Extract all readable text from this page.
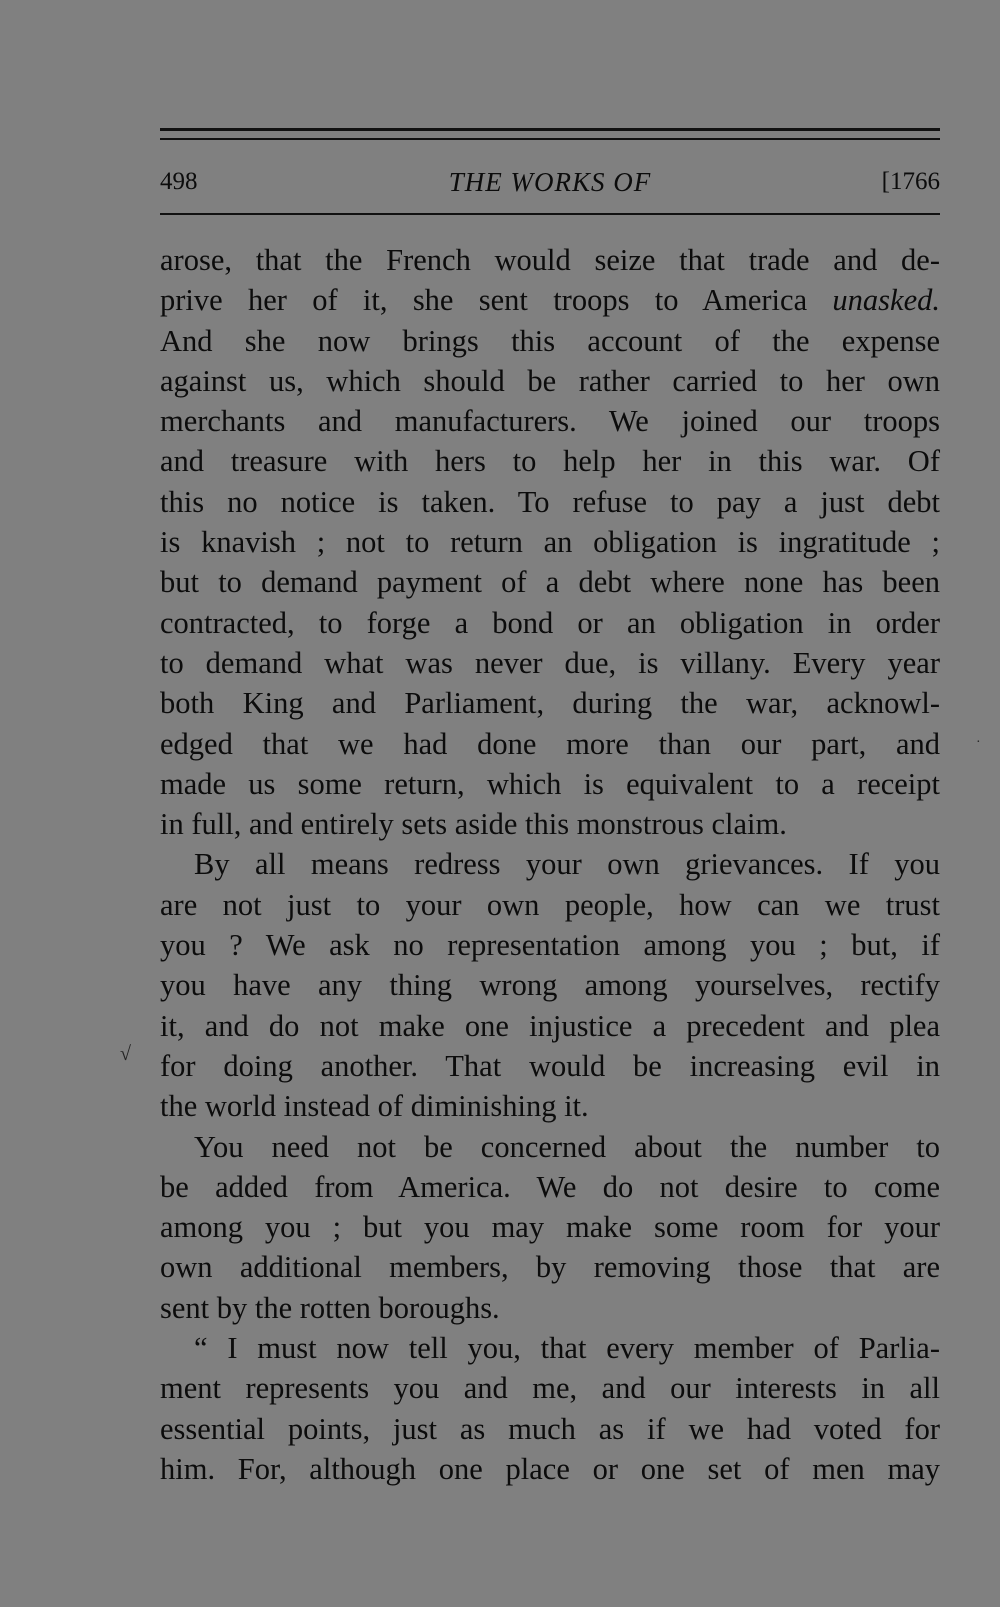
498	THE WORKS OF	[1766
arose, that the French would seize that trade and de-
prive her of it, she sent troops to America unasked.
And she now brings this account of the expense
against us, which should be rather carried to her own
merchants and manufacturers. We joined our troops
and treasure with hers to help her in this war. Of
this no notice is taken. To refuse to pay a just debt
is knavish ; not to return an obligation is ingratitude ;
but to demand payment of a debt where none has been
contracted, to forge a bond or an obligation in order
to demand what was never due, is villany. Every year
both King and Parliament, during the war, acknowl-
edged that we had done more than our part, and
made us some return, which is equivalent to a receipt
in full, and entirely sets aside this monstrous claim.
By all means redress your own grievances. If you
are not just to your own people, how can we trust
you ? We ask no representation among you ; but, if
you have any thing wrong among yourselves, rectify
it, and do not make one injustice a precedent and plea
for doing another. That would be increasing evil in
the world instead of diminishing it.
You need not be concerned about the number to
be added from America. We do not desire to come
among you ; but you may make some room for your
own additional members, by removing those that are
sent by the rotten boroughs.
“ I must now tell you, that every member of Parlia-
ment represents you and me, and our interests in all
essential points, just as much as if we had voted for
him. For, although one place or one set of men may
√
·
